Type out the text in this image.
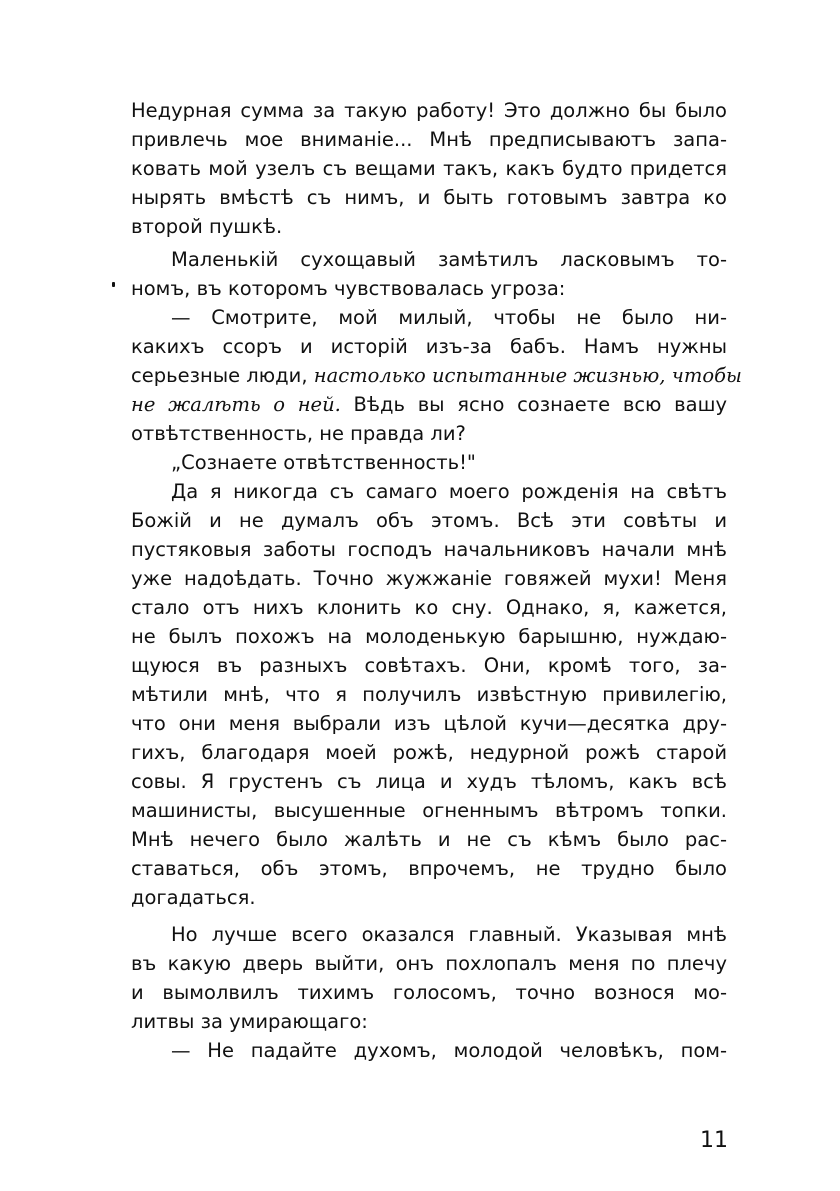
Недурная сумма за такую работу! Это должно бы было
привлечь мое вниманіе... Мнѣ предписываютъ запа-
ковать мой узелъ съ вещами такъ, какъ будто придется
нырять вмѣстѣ съ нимъ, и быть готовымъ завтра ко
второй пушкѣ.
Маленькій сухощавый замѣтилъ ласковымъ то-
номъ, въ которомъ чувствовалась угроза:
— Смотрите, мой милый, чтобы не было ни-
какихъ ссоръ и исторій изъ-за бабъ. Намъ нужны
серьезные люди, настолько испытанные жизнью, чтобы
не жалѣть о ней. Вѣдь вы ясно сознаете всю вашу
отвѣтственность, не правда ли?
„Сознаете отвѣтственность!"
Да я никогда съ самаго моего рожденія на свѣтъ
Божій и не думалъ объ этомъ. Всѣ эти совѣты и
пустяковыя заботы господъ начальниковъ начали мнѣ
уже надоѣдать. Точно жужжаніе говяжей мухи! Меня
стало отъ нихъ клонить ко сну. Однако, я, кажется,
не былъ похожъ на молоденькую барышню, нуждаю-
щуюся въ разныхъ совѣтахъ. Они, кромѣ того, за-
мѣтили мнѣ, что я получилъ извѣстную привилегію,
что они меня выбрали изъ цѣлой кучи—десятка дру-
гихъ, благодаря моей рожѣ, недурной рожѣ старой
совы. Я грустенъ съ лица и худъ тѣломъ, какъ всѣ
машинисты, высушенные огненнымъ вѣтромъ топки.
Мнѣ нечего было жалѣть и не съ кѣмъ было рас-
ставаться, объ этомъ, впрочемъ, не трудно было
догадаться.
Но лучше всего оказался главный. Указывая мнѣ
въ какую дверь выйти, онъ похлопалъ меня по плечу
и вымолвилъ тихимъ голосомъ, точно вознося мо-
литвы за умирающаго:
— Не падайте духомъ, молодой человѣкъ, пом-
11
